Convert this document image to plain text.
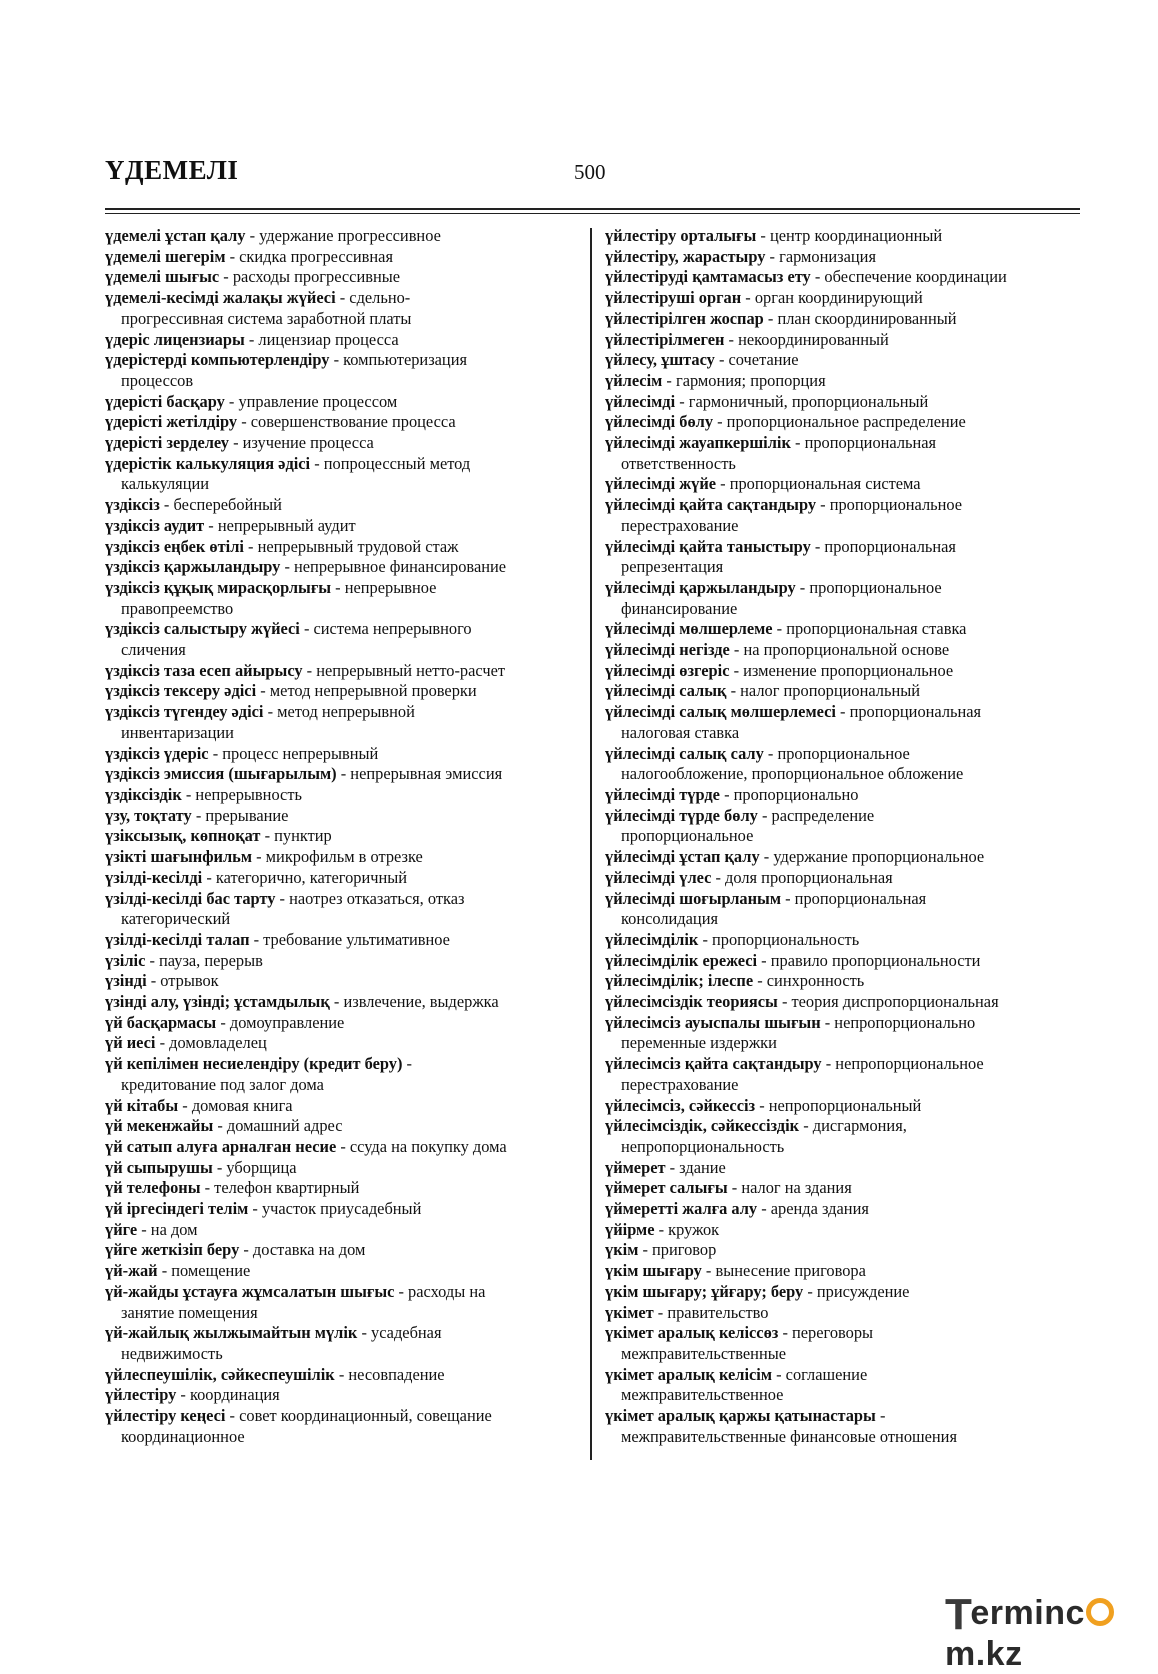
ҮДЕМЕЛІ	500
үдемелі ұстап қалу - удержание прогрессивное
үдемелі шегерім - скидка прогрессивная
үдемелі шығыс - расходы прогрессивные
үдемелі-кесімді жалақы жүйесі - сдельно-
прогрессивная система заработной платы
үдеріс лицензиары - лицензиар процесса
үдерістерді компьютерлендіру - компьютеризация
процессов
үдерісті басқару - управление процессом
үдерісті жетілдіру - совершенствование процесса
үдерісті зерделеу - изучение процесса
үдерістік калькуляция әдісі - попроцессный метод
калькуляции
үздіксіз - бесперебойный
үздіксіз аудит - непрерывный аудит
үздіксіз еңбек өтілі - непрерывный трудовой стаж
үздіксіз қаржыландыру - непрерывное финансирование
үздіксіз құқық мирасқорлығы - непрерывное
правопреемство
үздіксіз салыстыру жүйесі - система непрерывного
сличения
үздіксіз таза есеп айырысу - непрерывный нетто-расчет
үздіксіз тексеру әдісі - метод непрерывной проверки
үздіксіз түгендеу әдісі - метод непрерывной
инвентаризации
үздіксіз үдеріс - процесс непрерывный
үздіксіз эмиссия (шығарылым) - непрерывная эмиссия
үздіксіздік - непрерывность
үзу, тоқтату - прерывание
үзіксызық, көпноқат - пунктир
үзікті шағынфильм - микрофильм в отрезке
үзілді-кесілді - категорично, категоричный
үзілді-кесілді бас тарту - наотрез отказаться, отказ
категорический
үзілді-кесілді талап - требование ультимативное
үзіліс - пауза, перерыв
үзінді - отрывок
үзінді алу, үзінді; ұстамдылық - извлечение, выдержка
үй басқармасы - домоуправление
үй иесі - домовладелец
үй кепілімен несиелендіру (кредит беру) -
кредитование под залог дома
үй кітабы - домовая книга
үй мекенжайы - домашний адрес
үй сатып алуға арналған несие - ссуда на покупку дома
үй сыпырушы - уборщица
үй телефоны - телефон квартирный
үй іргесіндегі телім - участок приусадебный
үйге - на дом
үйге жеткізіп беру - доставка на дом
үй-жай - помещение
үй-жайды ұстауға жұмсалатын шығыс - расходы на
занятие помещения
үй-жайлық жылжымайтын мүлік - усадебная
недвижимость
үйлеспеушілік, сәйкеспеушілік - несовпадение
үйлестіру - координация
үйлестіру кеңесі - совет координационный, совещание
координационное
үйлестіру орталығы - центр координационный
үйлестіру, жарастыру - гармонизация
үйлестіруді қамтамасыз ету - обеспечение координации
үйлестіруші орган - орган координирующий
үйлестірілген жоспар - план скоординированный
үйлестірілмеген - некоординированный
үйлесу, ұштасу - сочетание
үйлесім - гармония; пропорция
үйлесімді - гармоничный, пропорциональный
үйлесімді бөлу - пропорциональное распределение
үйлесімді жауапкершілік - пропорциональная
ответственность
үйлесімді жүйе - пропорциональная система
үйлесімді қайта сақтандыру - пропорциональное
перестрахование
үйлесімді қайта таныстыру - пропорциональная
репрезентация
үйлесімді қаржыландыру - пропорциональное
финансирование
үйлесімді мөлшерлеме - пропорциональная ставка
үйлесімді негізде - на пропорциональной основе
үйлесімді өзгеріс - изменение пропорциональное
үйлесімді салық - налог пропорциональный
үйлесімді салық мөлшерлемесі - пропорциональная
налоговая ставка
үйлесімді салық салу - пропорциональное
налогообложение, пропорциональное обложение
үйлесімді түрде - пропорционально
үйлесімді түрде бөлу - распределение
пропорциональное
үйлесімді ұстап қалу - удержание пропорциональное
үйлесімді үлес - доля пропорциональная
үйлесімді шоғырланым - пропорциональная
консолидация
үйлесімділік - пропорциональность
үйлесімділік ережесі - правило пропорциональности
үйлесімділік; ілеспе - синхронность
үйлесімсіздік теориясы - теория диспропорциональная
үйлесімсіз ауыспалы шығын - непропорционально
переменные издержки
үйлесімсіз қайта сақтандыру - непропорциональное
перестрахование
үйлесімсіз, сәйкессіз - непропорциональный
үйлесімсіздік, сәйкессіздік - дисгармония,
непропорциональность
үймерет - здание
үймерет салығы - налог на здания
үймеретті жалға алу - аренда здания
үйірме - кружок
үкім - приговор
үкім шығару - вынесение приговора
үкім шығару; ұйғару; беру - присуждение
үкімет - правительство
үкімет аралық келіссөз - переговоры
межправительственные
үкімет аралық келісім - соглашение
межправительственное
үкімет аралық қаржы қатынастары -
межправительственные финансовые отношения
Termincm.kz
